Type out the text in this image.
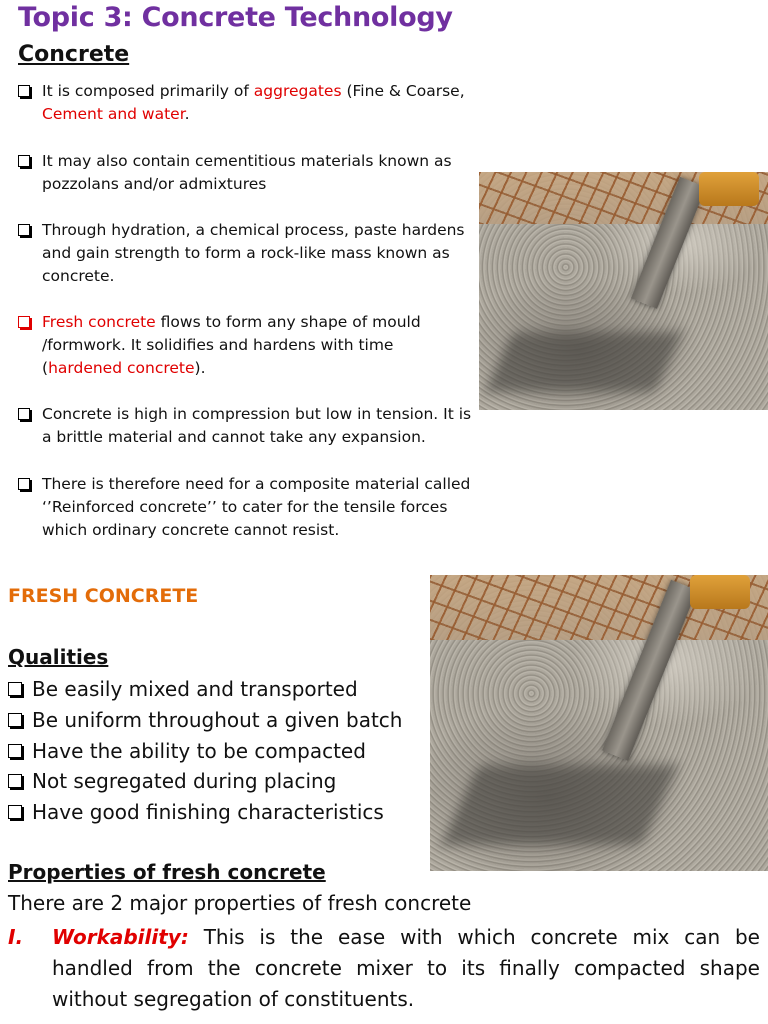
Topic 3: Concrete Technology
Concrete
It is composed primarily of aggregates (Fine & Coarse, Cement and water.
It may also contain cementitious materials known as pozzolans and/or admixtures
Through hydration, a chemical process, paste hardens and gain strength to form a rock-like mass known as concrete.
Fresh concrete flows to form any shape of mould /formwork. It solidifies and hardens with time (hardened concrete).
Concrete is high in compression but low in tension. It is a brittle material and cannot take any expansion.
There is therefore need for a composite material called ‘’Reinforced concrete’’ to cater for the tensile forces which ordinary concrete cannot resist.
FRESH CONCRETE
Qualities
Be easily mixed and transported
Be uniform throughout a given batch
Have the ability to be compacted
Not segregated during placing
Have good finishing characteristics
Properties of fresh concrete
There are 2 major properties of fresh concrete
I. Workability: This is the ease with which concrete mix can be handled from the concrete mixer to its finally compacted shape without segregation of constituents.
